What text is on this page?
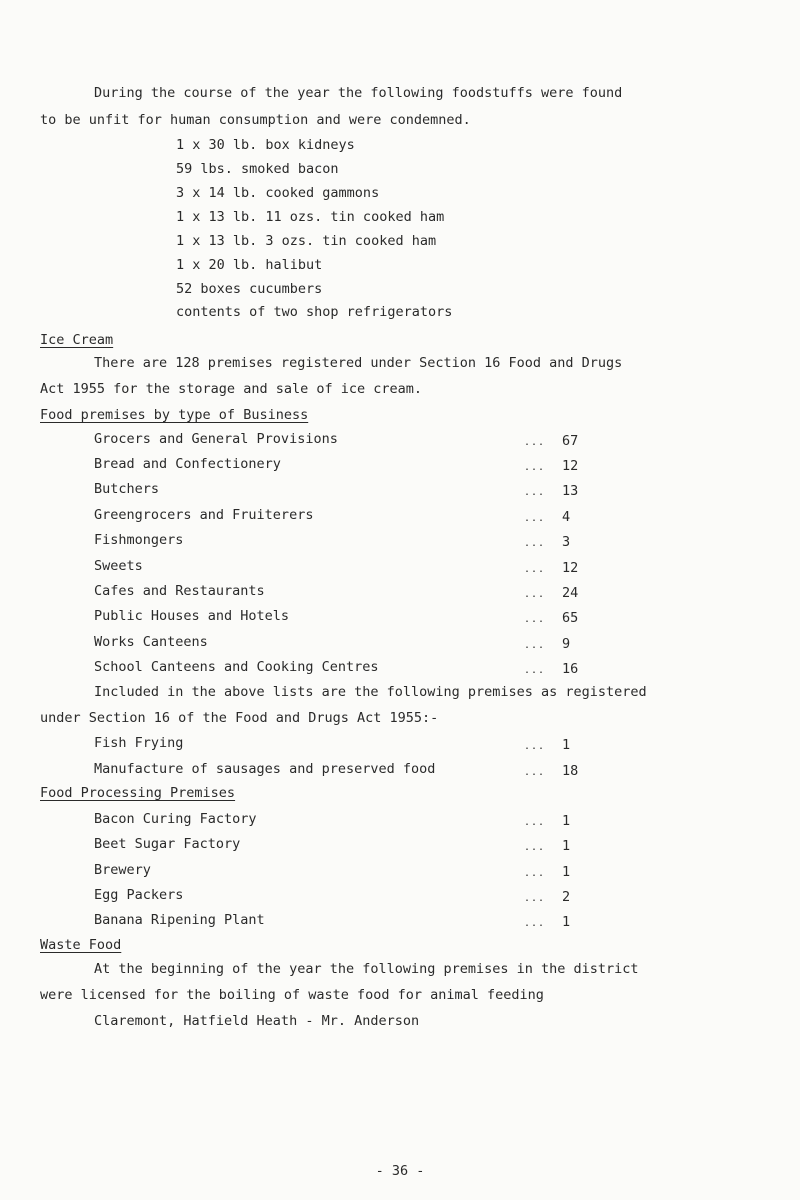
During the course of the year the following foodstuffs were found
to be unfit for human consumption and were condemned.
1 x 30 lb. box kidneys
59 lbs. smoked bacon
3 x 14 lb. cooked gammons
1 x 13 lb. 11 ozs. tin cooked ham
1 x 13 lb. 3 ozs. tin cooked ham
1 x 20 lb. halibut
52 boxes cucumbers
contents of two shop refrigerators
Ice Cream
There are 128 premises registered under Section 16 Food and Drugs
Act 1955 for the storage and sale of ice cream.
Food premises by type of Business
Grocers and General Provisions	... 67
Bread and Confectionery	... 12
Butchers	... 13
Greengrocers and Fruiterers	... 4
Fishmongers	... 3
Sweets	... 12
Cafes and Restaurants	... 24
Public Houses and Hotels	... 65
Works Canteens	... 9
School Canteens and Cooking Centres	... 16
Included in the above lists are the following premises as registered
under Section 16 of the Food and Drugs Act 1955:-
Fish Frying	... 1
Manufacture of sausages and preserved food	... 18
Food Processing Premises
Bacon Curing Factory	... 1
Beet Sugar Factory	... 1
Brewery	... 1
Egg Packers	... 2
Banana Ripening Plant	... 1
Waste Food
At the beginning of the year the following premises in the district
were licensed for the boiling of waste food for animal feeding
Claremont, Hatfield Heath - Mr. Anderson
- 36 -
